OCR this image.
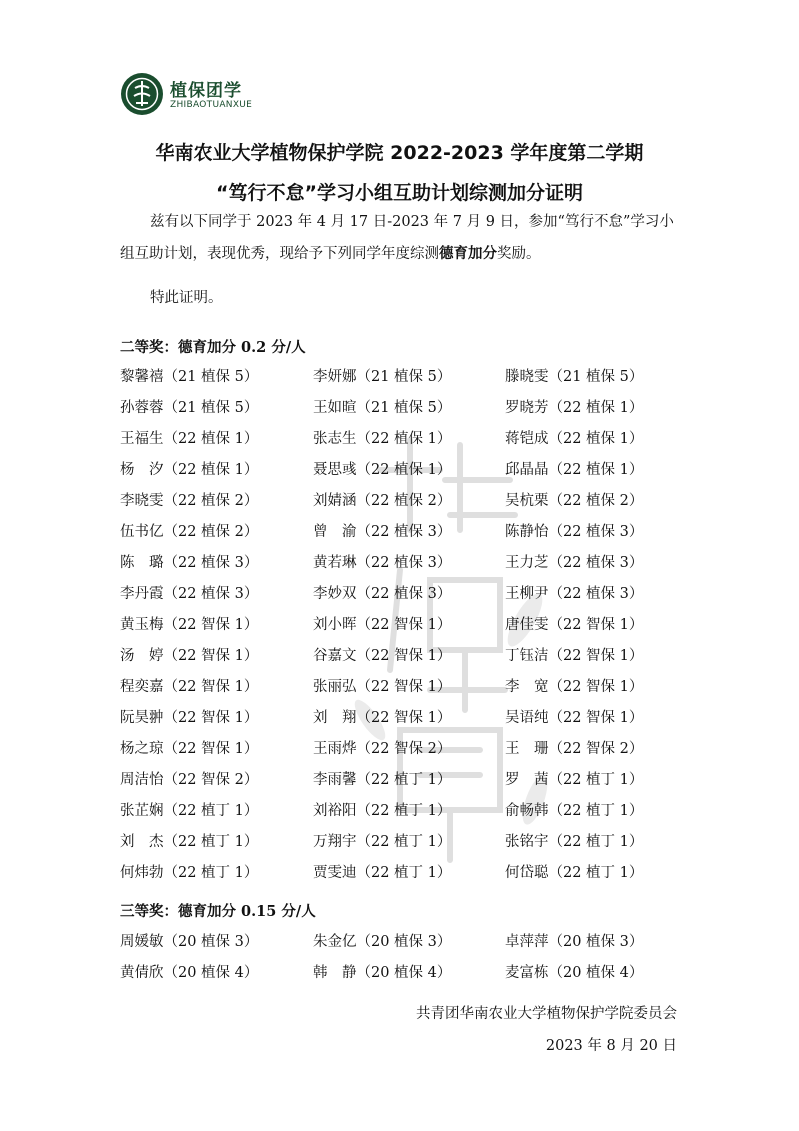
植保团学
ZHIBAOTUANXUE
华南农业大学植物保护学院 2022-2023 学年度第二学期
“笃行不怠”学习小组互助计划综测加分证明
兹有以下同学于 2023 年 4 月 17 日-2023 年 7 月 9 日，参加“笃行不怠”学习小组互助计划，表现优秀，现给予下列同学年度综测德育加分奖励。
特此证明。
二等奖：德育加分 0.2 分/人
黎馨禧（21 植保 5）	李妍娜（21 植保 5）	滕晓雯（21 植保 5）
孙蓉蓉（21 植保 5）	王如暄（21 植保 5）	罗晓芳（22 植保 1）
王福生（22 植保 1）	张志生（22 植保 1）	蒋铠成（22 植保 1）
杨　汐（22 植保 1）	聂思彧（22 植保 1）	邱晶晶（22 植保 1）
李晓雯（22 植保 2）	刘婧涵（22 植保 2）	吴杭栗（22 植保 2）
伍书亿（22 植保 2）	曾　渝（22 植保 3）	陈静怡（22 植保 3）
陈　璐（22 植保 3）	黄若琳（22 植保 3）	王力芝（22 植保 3）
李丹霞（22 植保 3）	李妙双（22 植保 3）	王柳尹（22 植保 3）
黄玉梅（22 智保 1）	刘小晖（22 智保 1）	唐佳雯（22 智保 1）
汤　婷（22 智保 1）	谷嘉文（22 智保 1）	丁钰洁（22 智保 1）
程奕嘉（22 智保 1）	张丽弘（22 智保 1）	李　宽（22 智保 1）
阮昊翀（22 智保 1）	刘　翔（22 智保 1）	吴语纯（22 智保 1）
杨之琼（22 智保 1）	王雨烨（22 智保 2）	王　珊（22 智保 2）
周洁怡（22 智保 2）	李雨馨（22 植丁 1）	罗　茜（22 植丁 1）
张芷娴（22 植丁 1）	刘裕阳（22 植丁 1）	俞畅韩（22 植丁 1）
刘　杰（22 植丁 1）	万翔宇（22 植丁 1）	张铭宇（22 植丁 1）
何炜勃（22 植丁 1）	贾雯迪（22 植丁 1）	何岱聪（22 植丁 1）
三等奖：德育加分 0.15 分/人
周媛敏（20 植保 3）	朱金亿（20 植保 3）	卓萍萍（20 植保 3）
黄倩欣（20 植保 4）	韩　静（20 植保 4）	麦富栋（20 植保 4）
共青团华南农业大学植物保护学院委员会
2023 年 8 月 20 日
